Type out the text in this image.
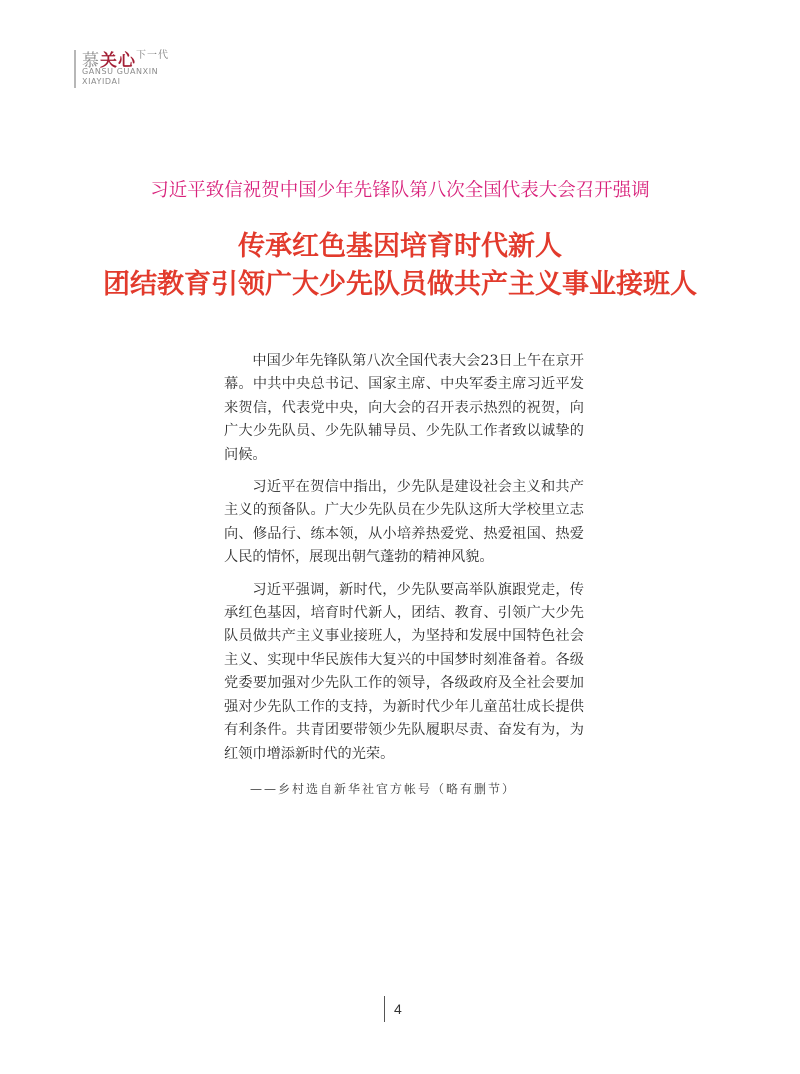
慕关心$^{下一代}$
GANSU GUANXIN
XIAYIDAI
习近平致信祝贺中国少年先锋队第八次全国代表大会召开强调
传承红色基因培育时代新人
团结教育引领广大少先队员做共产主义事业接班人

中国少年先锋队第八次全国代表大会23日上午在京开幕。中共中央总书记、国家主席、中央军委主席习近平发来贺信，代表党中央，向大会的召开表示热烈的祝贺，向广大少先队员、少先队辅导员、少先队工作者致以诚挚的问候。

习近平在贺信中指出，少先队是建设社会主义和共产主义的预备队。广大少先队员在少先队这所大学校里立志向、修品行、练本领，从小培养热爱党、热爱祖国、热爱人民的情怀，展现出朝气蓬勃的精神风貌。

习近平强调，新时代，少先队要高举队旗跟党走，传承红色基因，培育时代新人，团结、教育、引领广大少先队员做共产主义事业接班人，为坚持和发展中国特色社会主义、实现中华民族伟大复兴的中国梦时刻准备着。各级党委要加强对少先队工作的领导，各级政府及全社会要加强对少先队工作的支持，为新时代少年儿童茁壮成长提供有利条件。共青团要带领少先队履职尽责、奋发有为，为红领巾增添新时代的光荣。

——乡村选自新华社官方帐号（略有删节）
4
